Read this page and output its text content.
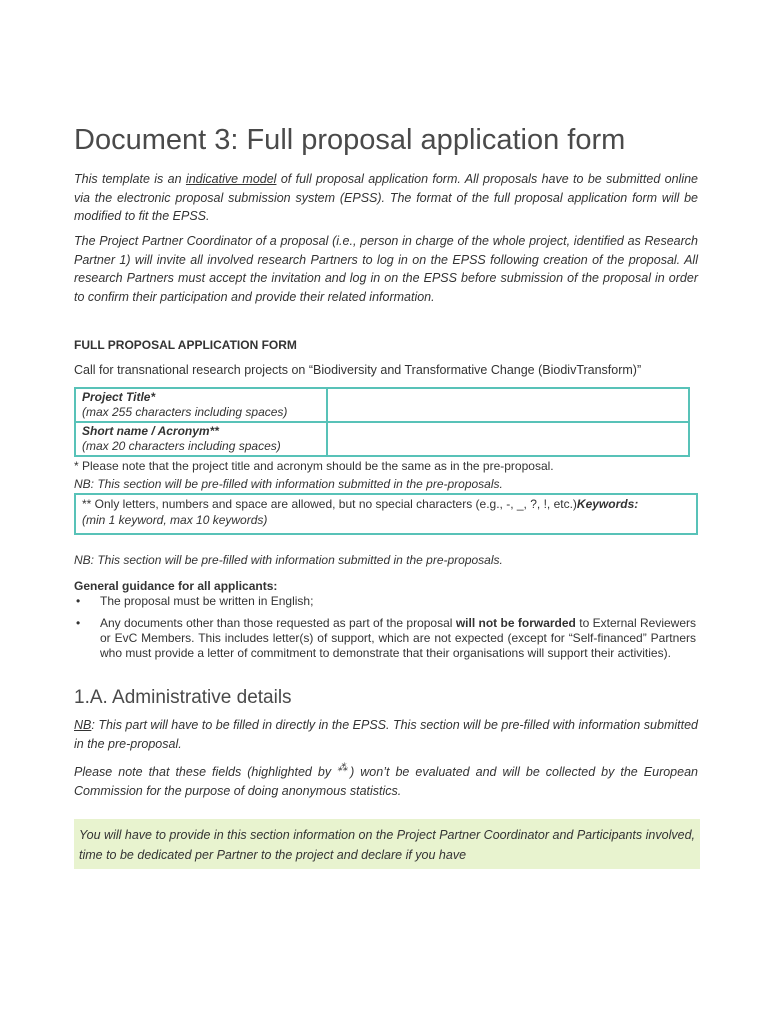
Document 3: Full proposal application form

This template is an indicative model of full proposal application form. All proposals have to be submitted online via the electronic proposal submission system (EPSS). The format of the full proposal application form will be modified to fit the EPSS.

The Project Partner Coordinator of a proposal (i.e., person in charge of the whole project, identified as Research Partner 1) will invite all involved research Partners to log in on the EPSS following creation of the proposal. All research Partners must accept the invitation and log in on the EPSS before submission of the proposal in order to confirm their participation and provide their related information.

FULL PROPOSAL APPLICATION FORM

Call for transnational research projects on “Biodiversity and Transformative Change (BiodivTransform)”

Project Title*
(max 255 characters including spaces)	

Short name / Acronym**
(max 20 characters including spaces)	

* Please note that the project title and acronym should be the same as in the pre-proposal.

NB: This section will be pre-filled with information submitted in the pre-proposals.

** Only letters, numbers and space are allowed, but no special characters (e.g., -, _, ?, !, etc.)Keywords:
(min 1 keyword, max 10 keywords)

NB: This section will be pre-filled with information submitted in the pre-proposals.

General guidance for all applicants:

• The proposal must be written in English;
• Any documents other than those requested as part of the proposal will not be forwarded to External Reviewers or EvC Members. This includes letter(s) of support, which are not expected (except for “Self-financed” Partners who must provide a letter of commitment to demonstrate that their organisations will support their activities).
1.A. Administrative details

NB: This part will have to be filled in directly in the EPSS. This section will be pre-filled with information submitted in the pre-proposal.

Please note that these fields (highlighted by ⁂) won’t be evaluated and will be collected by the European Commission for the purpose of doing anonymous statistics.

You will have to provide in this section information on the Project Partner Coordinator and Participants involved, time to be dedicated per Partner to the project and declare if you have
